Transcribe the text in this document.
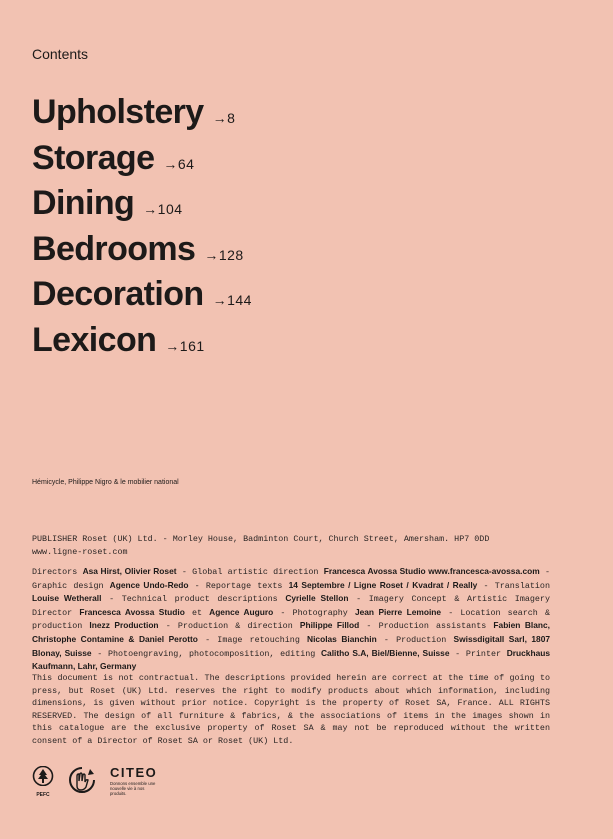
Contents
Upholstery →8
Storage →64
Dining →104
Bedrooms →128
Decoration →144
Lexicon →161
Hémicycle, Philippe Nigro & le mobilier national
PUBLISHER Roset (UK) Ltd. - Morley House, Badminton Court, Church Street, Amersham. HP7 0DD
www.ligne-roset.com
Directors Asa Hirst, Olivier Roset - Global artistic direction Francesca Avossa Studio www.francesca-avossa.com - Graphic design Agence Undo-Redo - Reportage texts 14 Septembre / Ligne Roset / Kvadrat / Really - Translation Louise Wetherall - Technical product descriptions Cyrielle Stellon - Imagery Concept & Artistic Imagery Director Francesca Avossa Studio et Agence Auguro - Photography Jean Pierre Lemoine - Location search & production Inezz Production - Production & direction Philippe Fillod - Production assistants Fabien Blanc, Christophe Contamine & Daniel Perotto - Image retouching Nicolas Bianchin - Production Swissdigitall Sarl, 1807 Blonay, Suisse - Photoengraving, photocomposition, editing Calitho S.A, Biel/Bienne, Suisse - Printer Druckhaus Kaufmann, Lahr, Germany
This document is not contractual. The descriptions provided herein are correct at the time of going to press, but Roset (UK) Ltd. reserves the right to modify products about which information, including dimensions, is given without prior notice. Copyright is the property of Roset SA, France. ALL RIGHTS RESERVED. The design of all furniture & fabrics, & the associations of items in the images shown in this catalogue are the exclusive property of Roset SA & may not be reproduced without the written consent of a Director of Roset SA or Roset (UK) Ltd.
PEFC
CITEO
Donnons ensemble une nouvelle vie à nos produits.
